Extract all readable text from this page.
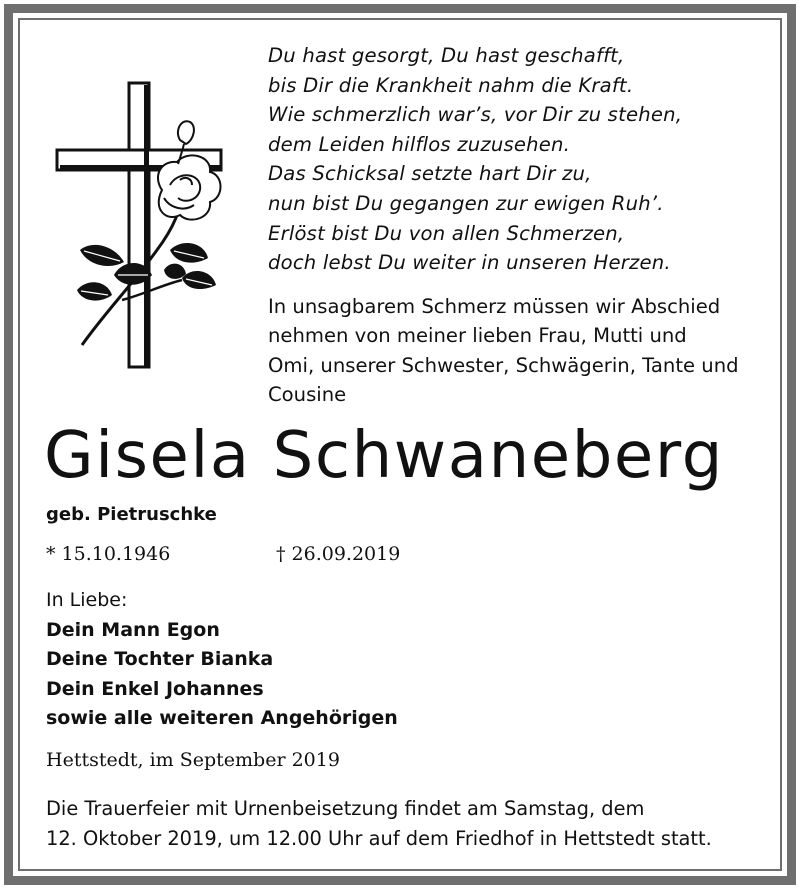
Du hast gesorgt, Du hast geschafft,
bis Dir die Krankheit nahm die Kraft.
Wie schmerzlich war’s, vor Dir zu stehen,
dem Leiden hilflos zuzusehen.
Das Schicksal setzte hart Dir zu,
nun bist Du gegangen zur ewigen Ruh’.
Erlöst bist Du von allen Schmerzen,
doch lebst Du weiter in unseren Herzen.
In unsagbarem Schmerz müssen wir Abschied
nehmen von meiner lieben Frau, Mutti und
Omi, unserer Schwester, Schwägerin, Tante und
Cousine
Gisela Schwaneberg
geb. Pietruschke
* 15.10.1946	† 26.09.2019
In Liebe:
Dein Mann Egon
Deine Tochter Bianka
Dein Enkel Johannes
sowie alle weiteren Angehörigen
Hettstedt, im September 2019
Die Trauerfeier mit Urnenbeisetzung findet am Samstag, dem
12. Oktober 2019, um 12.00 Uhr auf dem Friedhof in Hettstedt statt.
